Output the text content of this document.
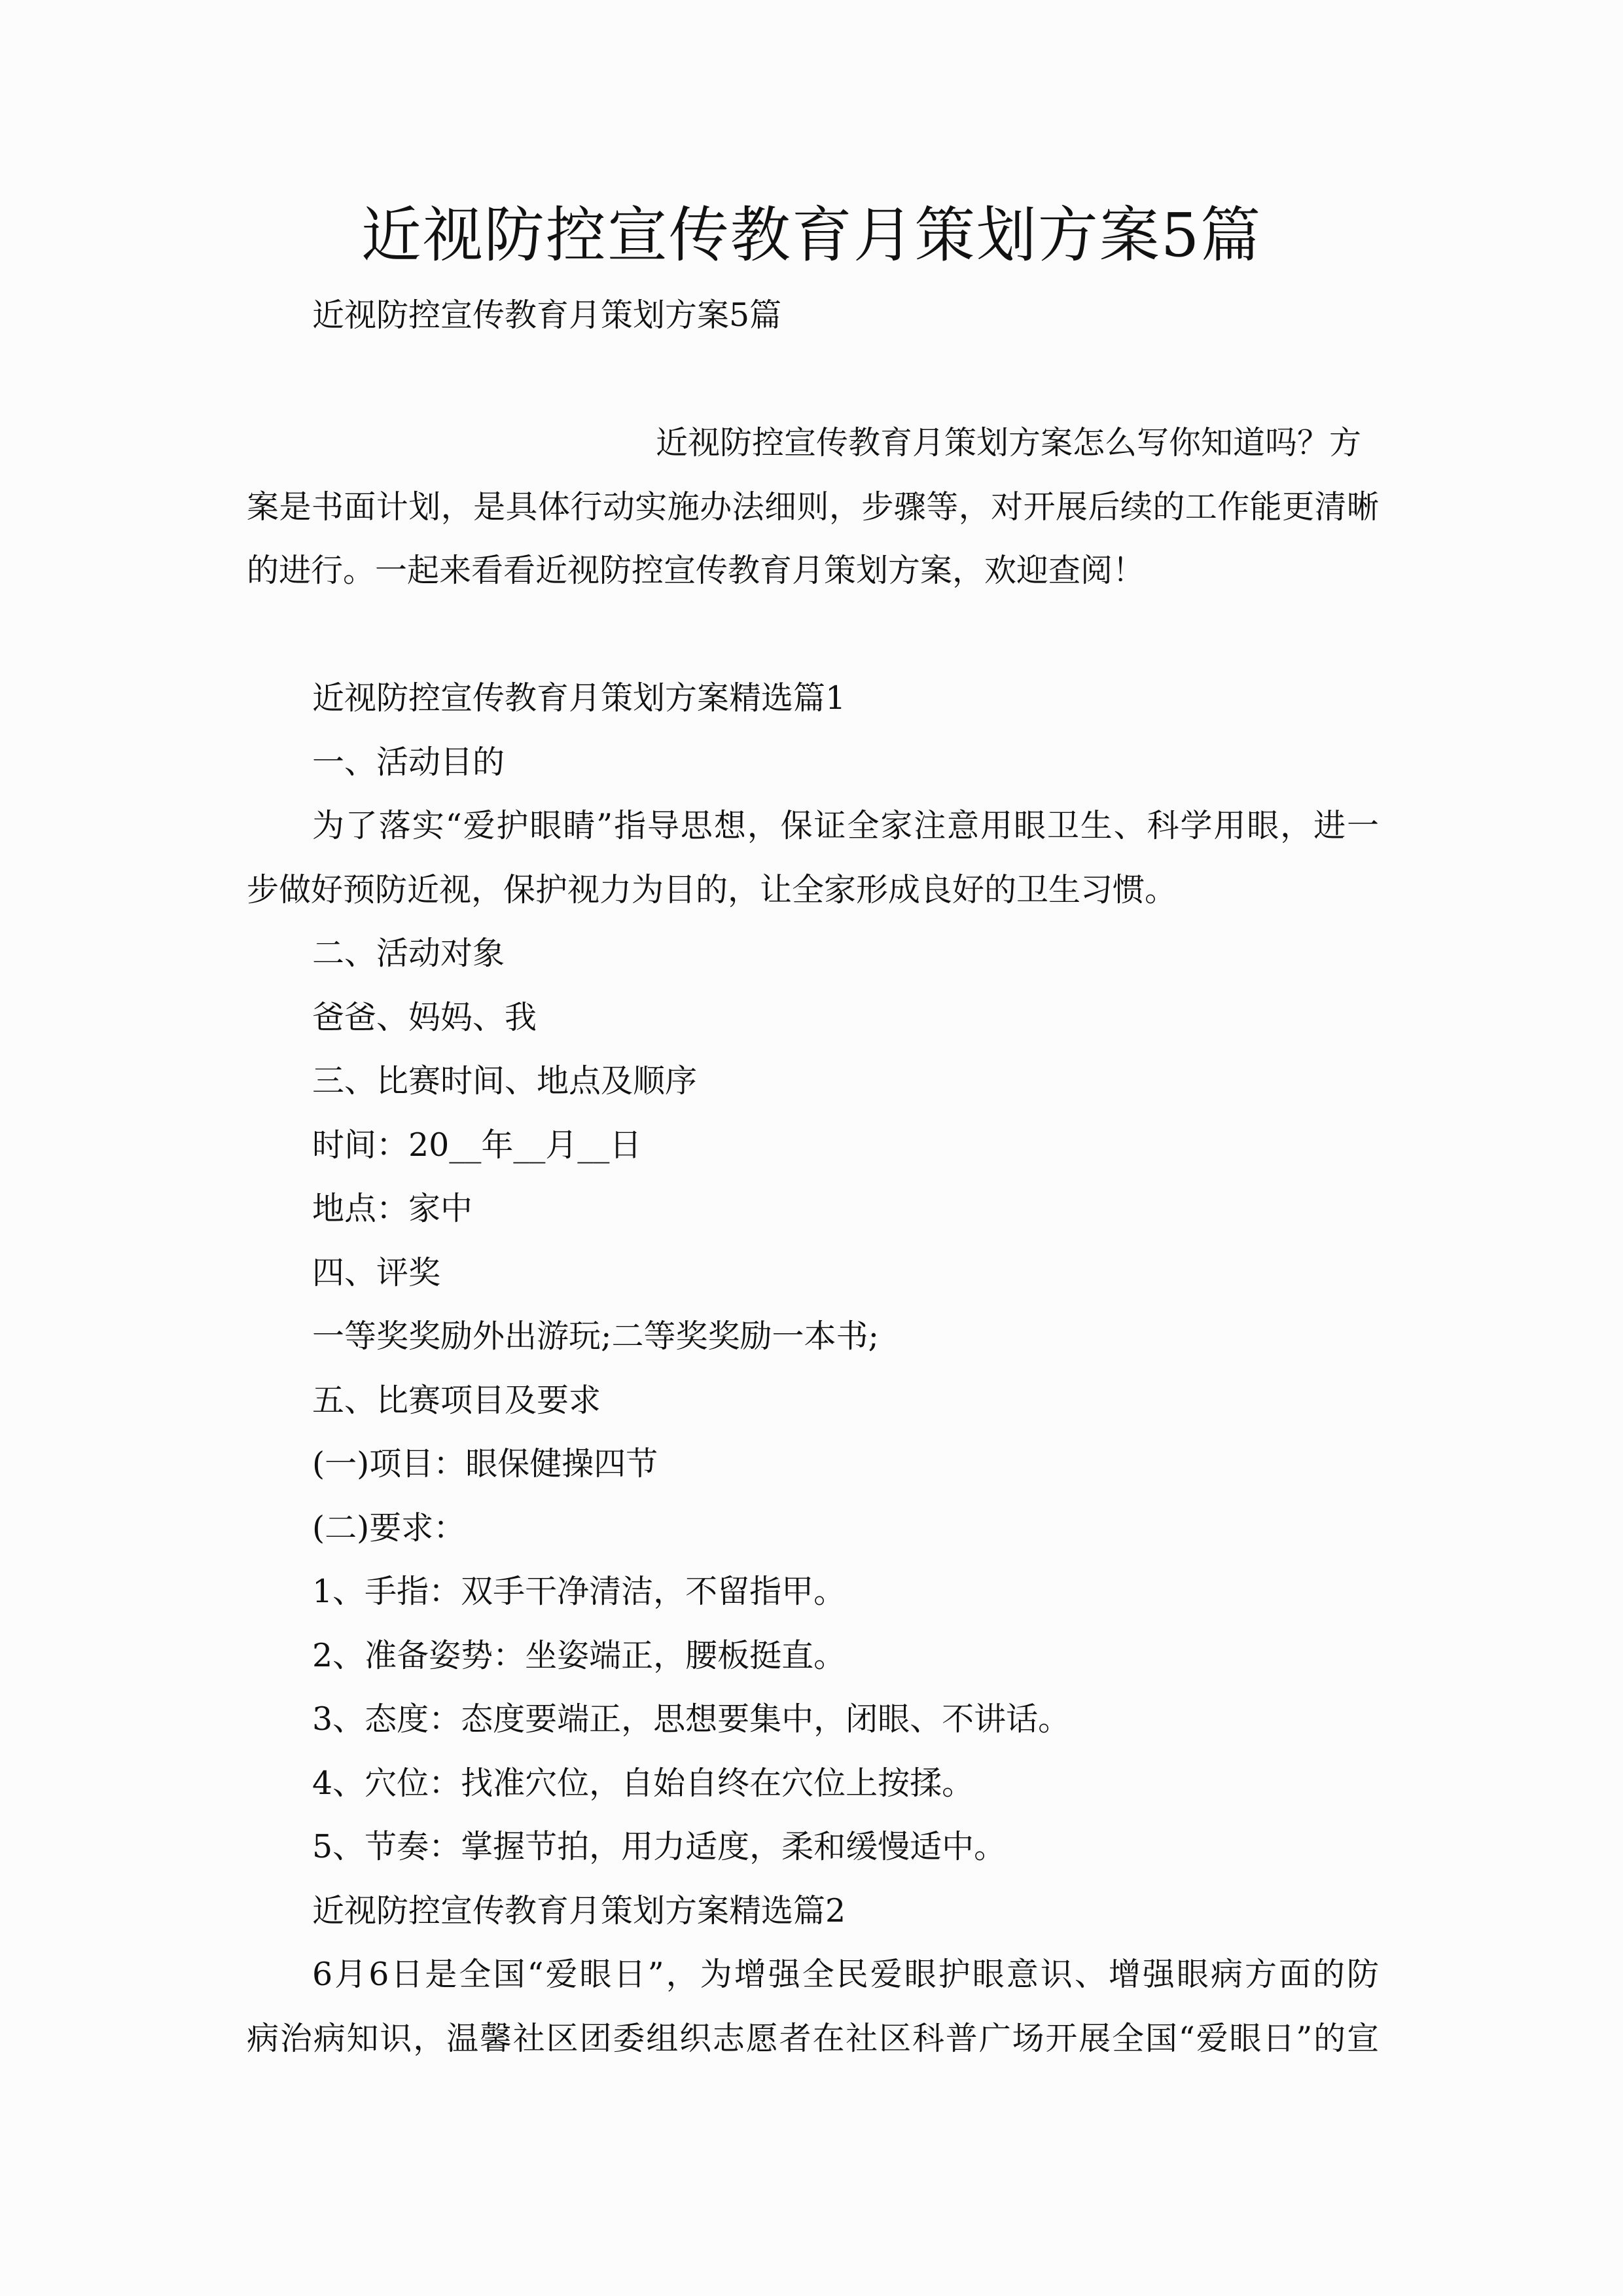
近视防控宣传教育月策划方案5篇

近视防控宣传教育月策划方案5篇

近视防控宣传教育月策划方案怎么写你知道吗？方

案是书面计划，是具体行动实施办法细则，步骤等，对开展后续的工作能更清晰

的进行。一起来看看近视防控宣传教育月策划方案，欢迎查阅！

近视防控宣传教育月策划方案精选篇1

一、活动目的

为了落实“爱护眼睛”指导思想，保证全家注意用眼卫生、科学用眼，进一

步做好预防近视，保护视力为目的，让全家形成良好的卫生习惯。

二、活动对象

爸爸、妈妈、我

三、比赛时间、地点及顺序

时间：20__年__月__日

地点：家中

四、评奖

一等奖奖励外出游玩;二等奖奖励一本书;

五、比赛项目及要求

(一)项目：眼保健操四节

(二)要求：

1、手指：双手干净清洁，不留指甲。

2、准备姿势：坐姿端正，腰板挺直。

3、态度：态度要端正，思想要集中，闭眼、不讲话。

4、穴位：找准穴位，自始自终在穴位上按揉。

5、节奏：掌握节拍，用力适度，柔和缓慢适中。

近视防控宣传教育月策划方案精选篇2

6月6日是全国“爱眼日”，为增强全民爱眼护眼意识、增强眼病方面的防

病治病知识，温馨社区团委组织志愿者在社区科普广场开展全国“爱眼日”的宣
